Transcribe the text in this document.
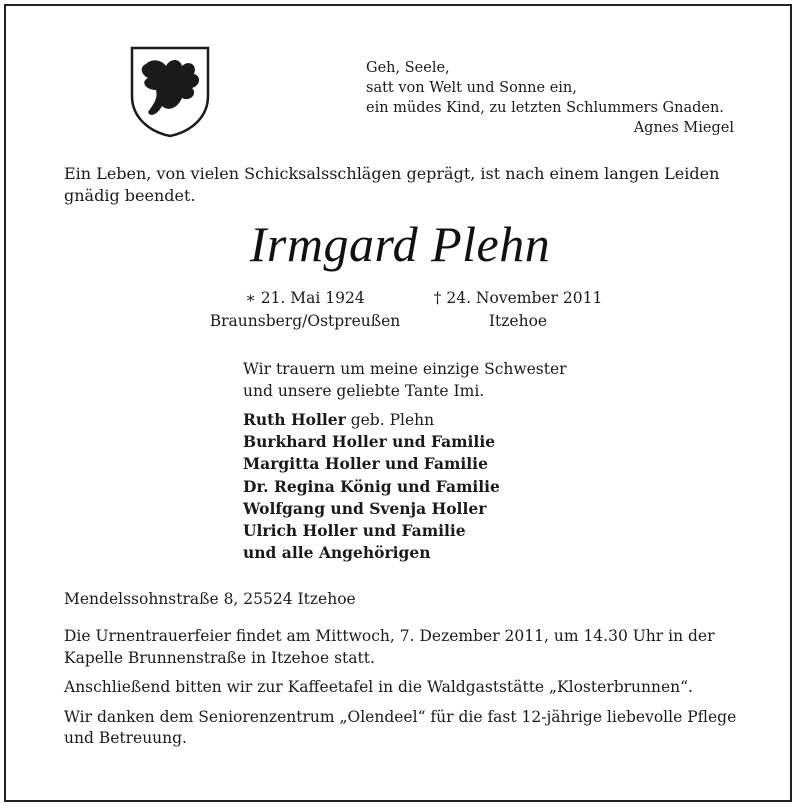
Geh, Seele,
satt von Welt und Sonne ein,
ein müdes Kind, zu letzten Schlummers Gnaden.
Agnes Miegel
Ein Leben, von vielen Schicksalsschlägen geprägt, ist nach einem langen Leiden gnädig beendet.
Irmgard Plehn
∗ 21. Mai 1924
Braunsberg/Ostpreußen
† 24. November 2011
Itzehoe
Wir trauern um meine einzige Schwester
und unsere geliebte Tante Imi.
Ruth Holler geb. Plehn
Burkhard Holler und Familie
Margitta Holler und Familie
Dr. Regina König und Familie
Wolfgang und Svenja Holler
Ulrich Holler und Familie
und alle Angehörigen
Mendelssohnstraße 8, 25524 Itzehoe

Die Urnentrauerfeier findet am Mittwoch, 7. Dezember 2011, um 14.30 Uhr in der Kapelle Brunnenstraße in Itzehoe statt.

Anschließend bitten wir zur Kaffeetafel in die Waldgaststätte „Klosterbrunnen“.

Wir danken dem Seniorenzentrum „Olendeel“ für die fast 12-jährige liebevolle Pflege und Betreuung.
